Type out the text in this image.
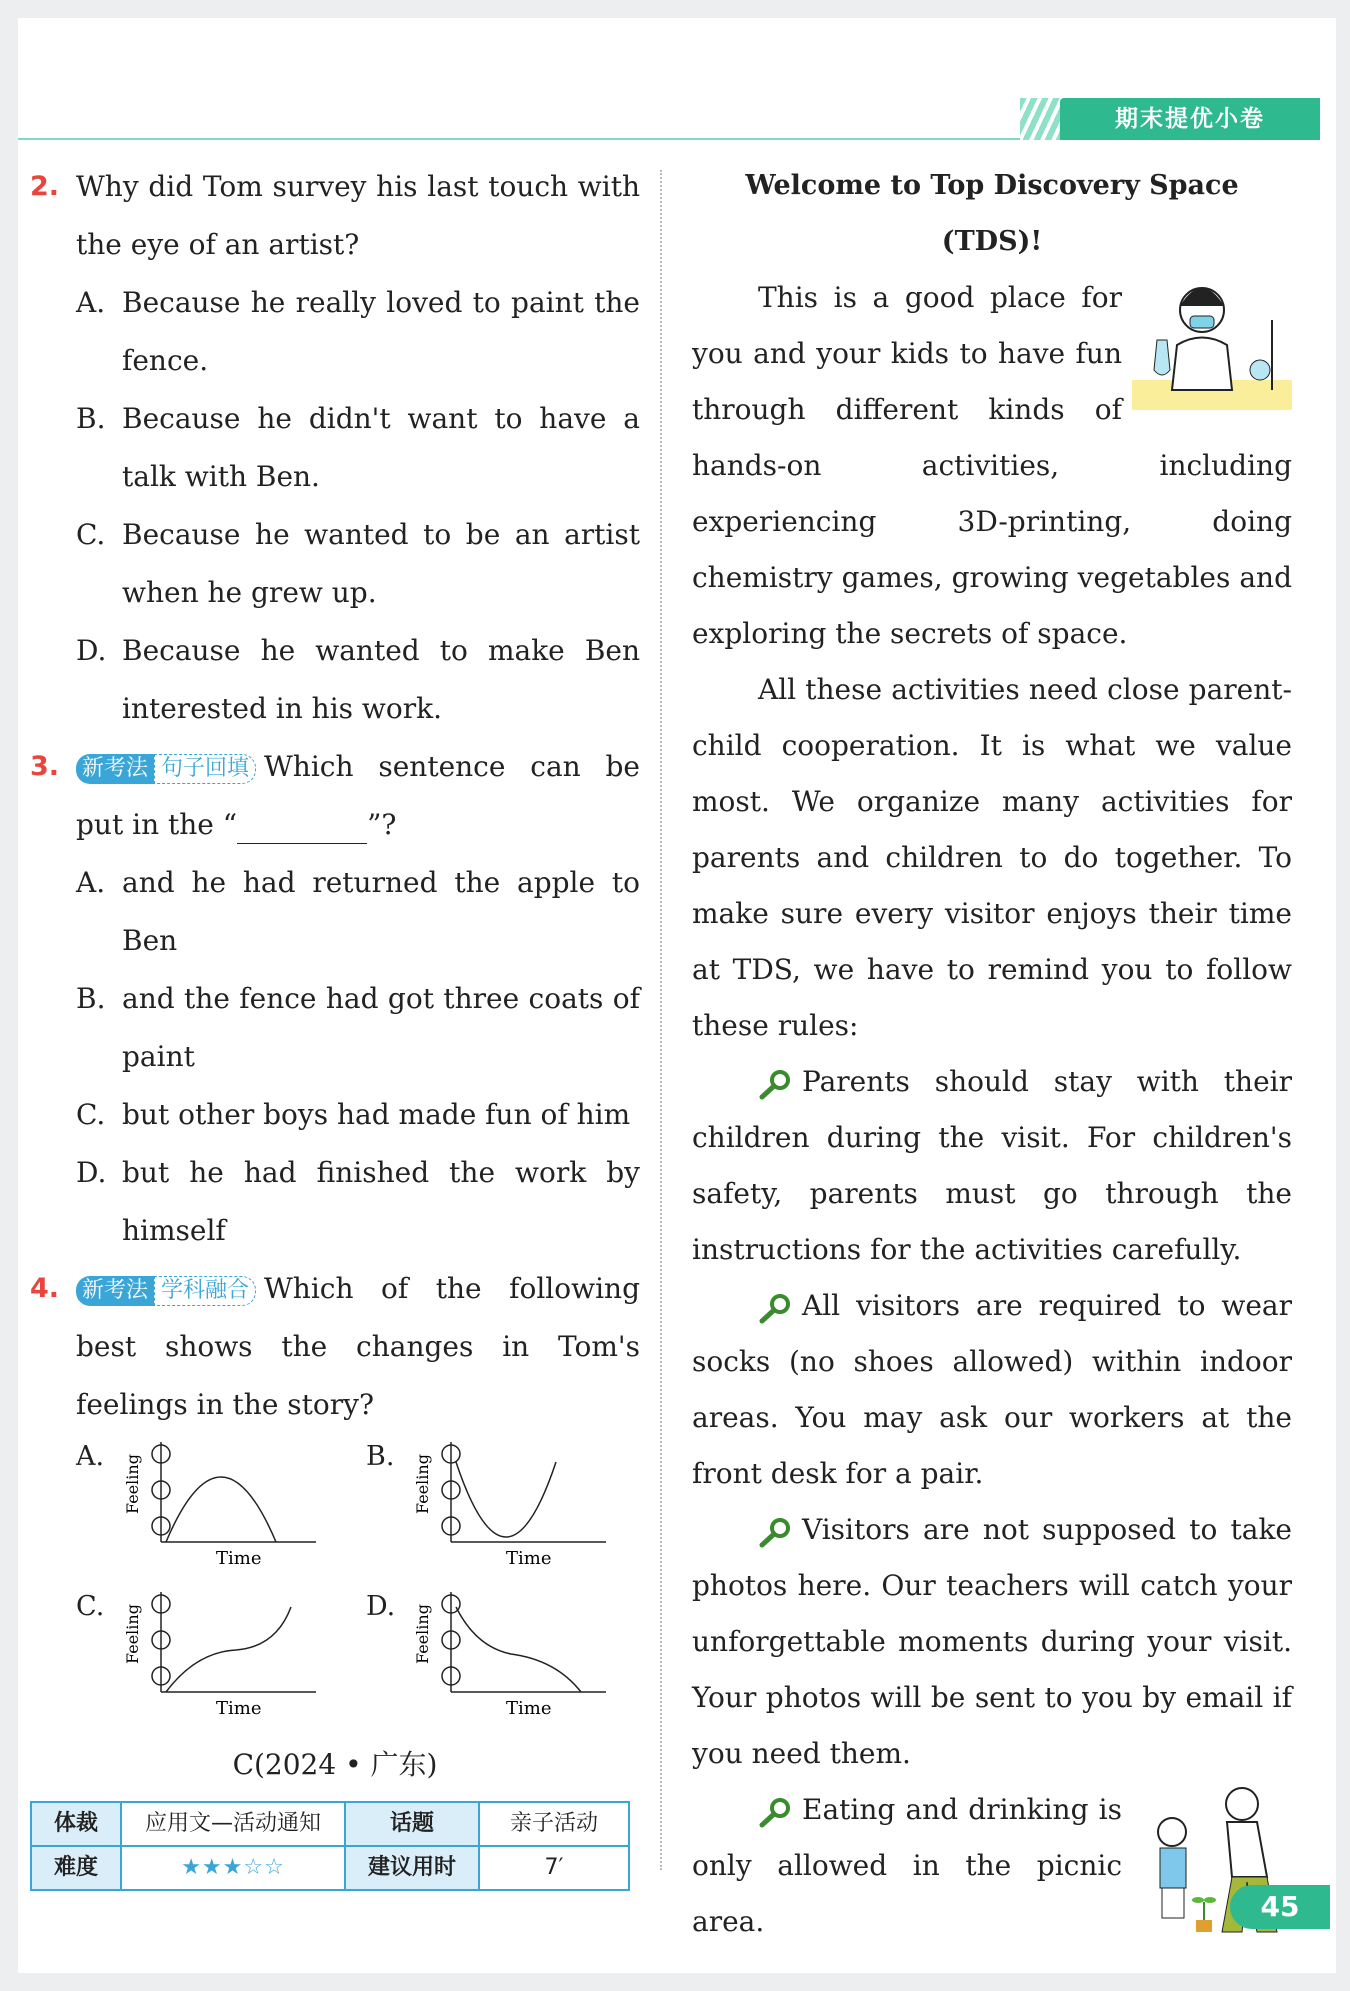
期末提优小卷
2. Why did Tom survey his last touch with the eye of an artist?
A. Because he really loved to paint the fence.
B. Because he didn't want to have a talk with Ben.
C. Because he wanted to be an artist when he grew up.
D. Because he wanted to make Ben interested in his work.
3. 新考法 句子回填 Which sentence can be put in the “	”?
A. and he had returned the apple to Ben
B. and the fence had got three coats of paint
C. but other boys had made fun of him
D. but he had finished the work by himself
4. 新考法 学科融合 Which of the following best shows the changes in Tom's feelings in the story?
A. Feeling
Time
B. Feeling
Time
C. Feeling
Time
D. Feeling
Time
C(2024 • 广东)
体裁	应用文—活动通知	话题	亲子活动
难度	★★★☆☆	建议用时	7′
Welcome to Top Discovery Space (TDS)!

This is a good place for you and your kids to have fun through different kinds of hands-on activities, including experiencing 3D-printing, doing chemistry games, growing vegetables and exploring the secrets of space.

All these activities need close parent-child cooperation. It is what we value most. We organize many activities for parents and children to do together. To make sure every visitor enjoys their time at TDS, we have to remind you to follow these rules:

Parents should stay with their children during the visit. For children's safety, parents must go through the instructions for the activities carefully.

All visitors are required to wear socks (no shoes allowed) within indoor areas. You may ask our workers at the front desk for a pair.

Visitors are not supposed to take photos here. Our teachers will catch your unforgettable moments during your visit. Your photos will be sent to you by email if you need them.

Eating and drinking is only allowed in the picnic area.	45
